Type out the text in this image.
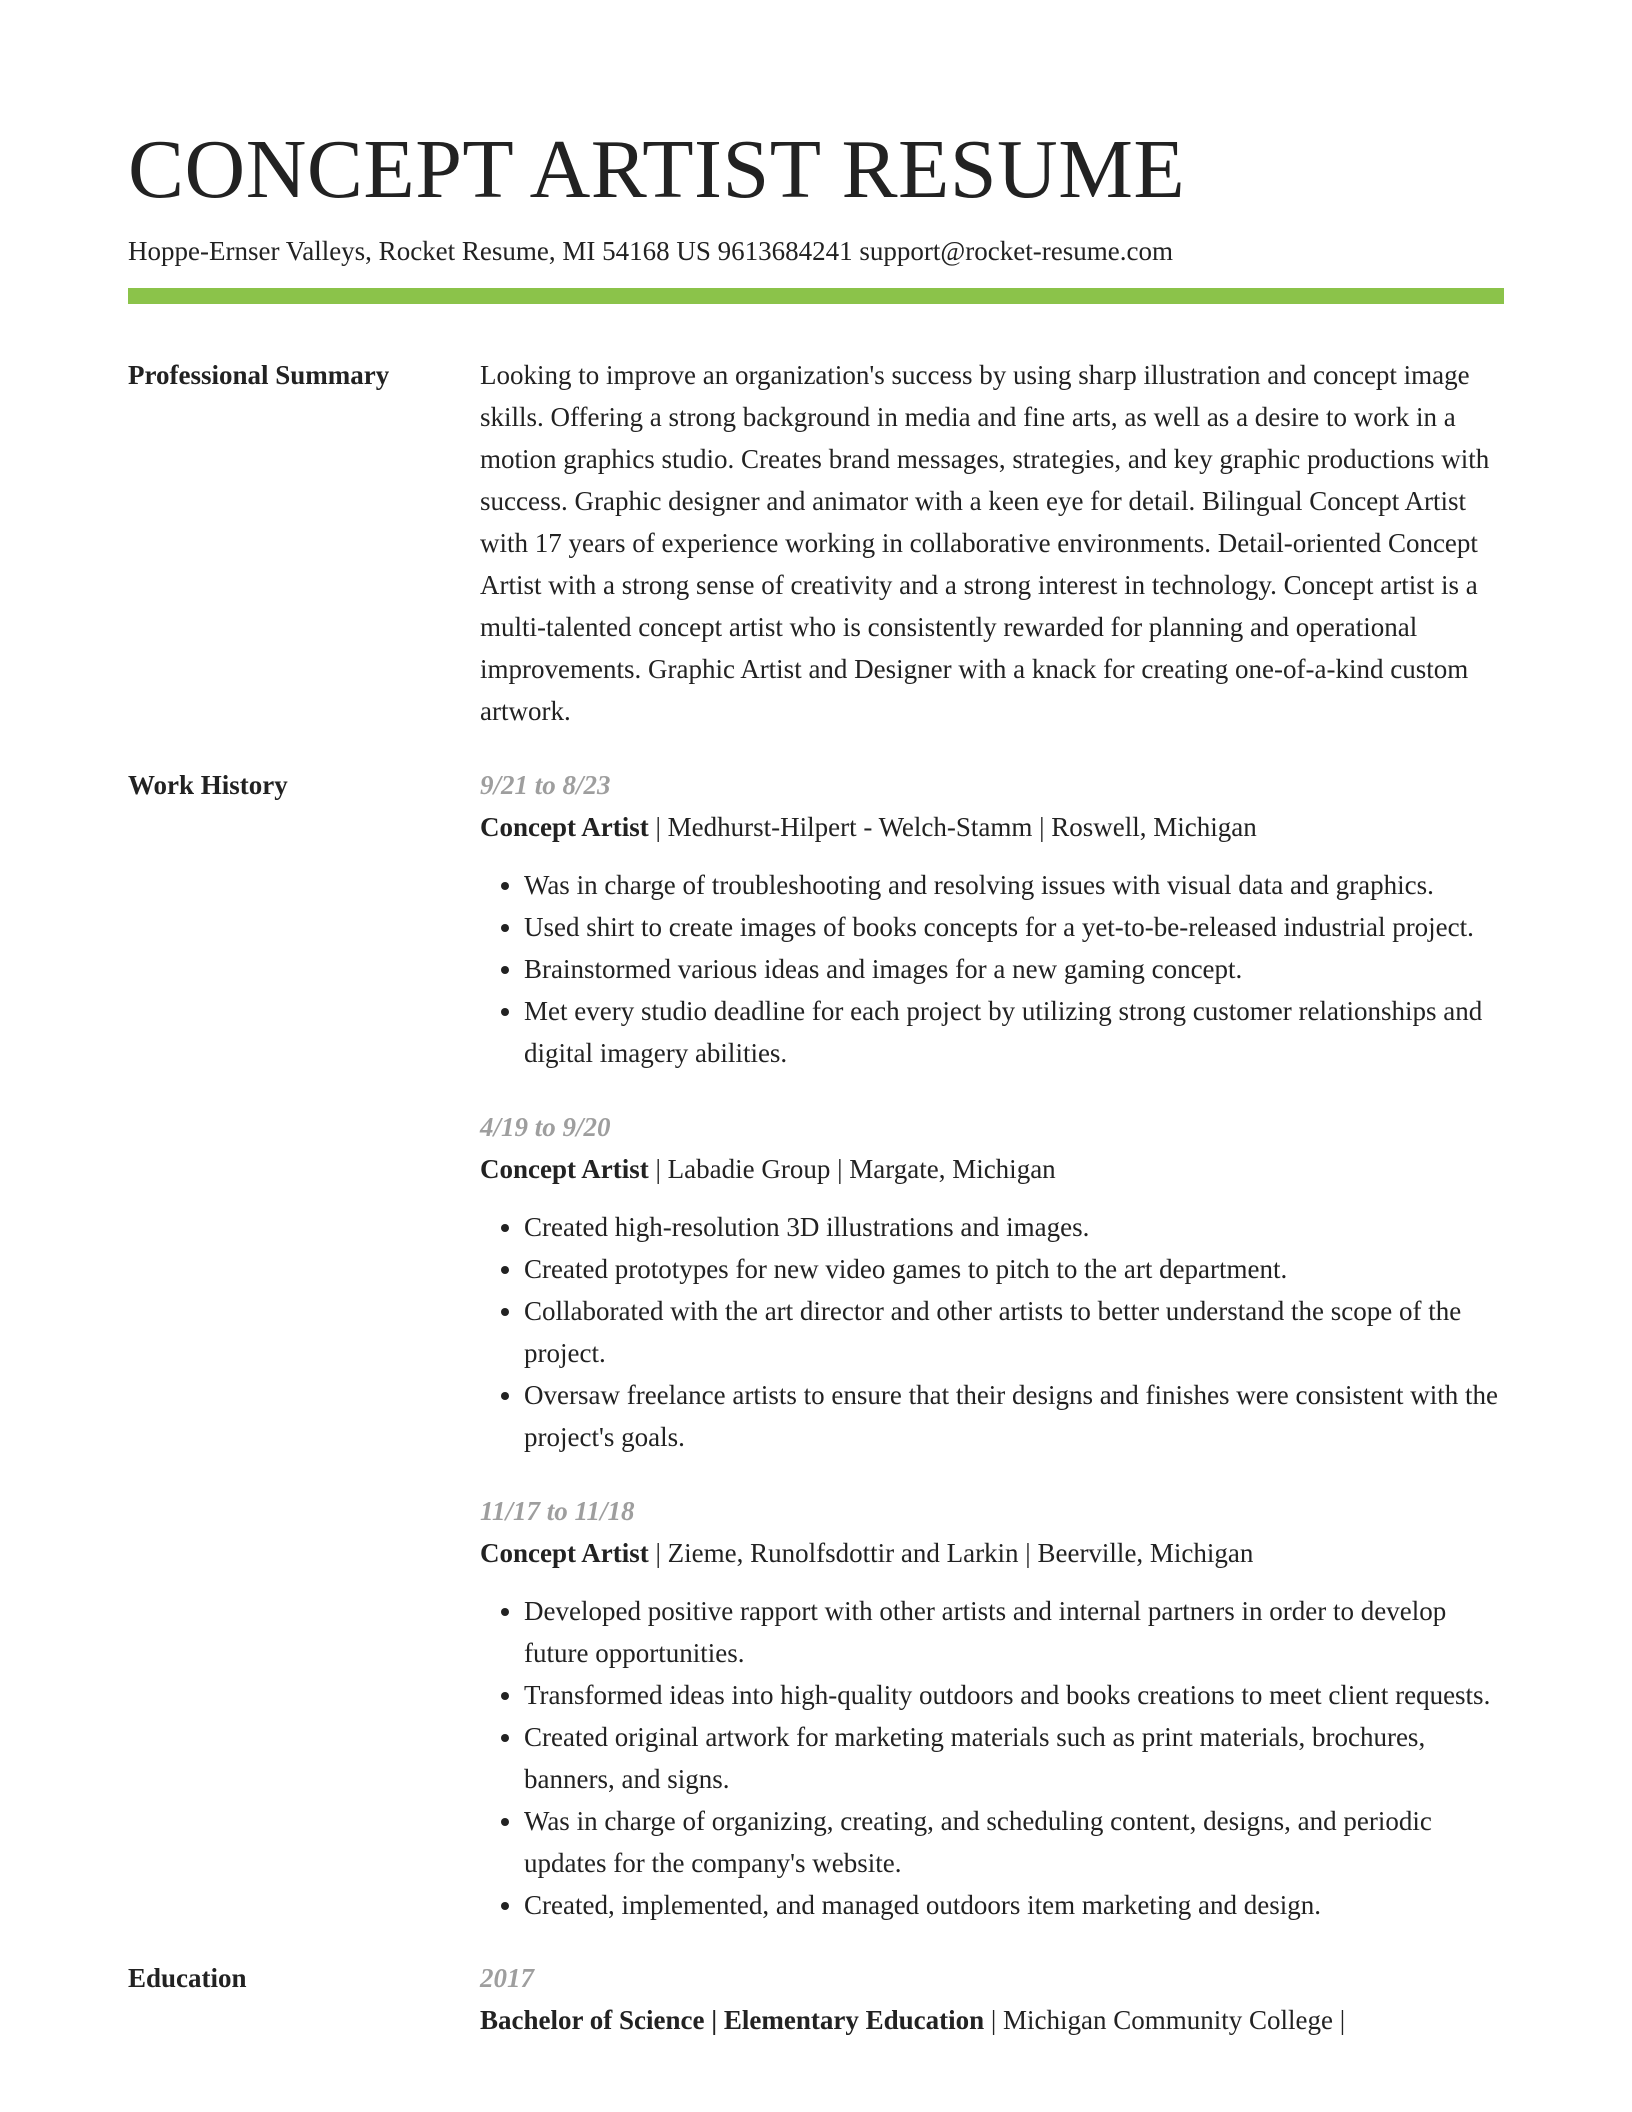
CONCEPT ARTIST RESUME
Hoppe-Ernser Valleys, Rocket Resume, MI 54168 US 9613684241 support@rocket-resume.com
Professional Summary	Looking to improve an organization's success by using sharp illustration and concept image skills. Offering a strong background in media and fine arts, as well as a desire to work in a motion graphics studio. Creates brand messages, strategies, and key graphic productions with success. Graphic designer and animator with a keen eye for detail. Bilingual Concept Artist with 17 years of experience working in collaborative environments. Detail-oriented Concept Artist with a strong sense of creativity and a strong interest in technology. Concept artist is a multi-talented concept artist who is consistently rewarded for planning and operational improvements. Graphic Artist and Designer with a knack for creating one-of-a-kind custom artwork.
Work History	9/21 to 8/23

Concept Artist | Medhurst-Hilpert - Welch-Stamm | Roswell, Michigan

• Was in charge of troubleshooting and resolving issues with visual data and graphics.
• Used shirt to create images of books concepts for a yet-to-be-released industrial project.
• Brainstormed various ideas and images for a new gaming concept.
• Met every studio deadline for each project by utilizing strong customer relationships and digital imagery abilities.

4/19 to 9/20

Concept Artist | Labadie Group | Margate, Michigan

• Created high-resolution 3D illustrations and images.
• Created prototypes for new video games to pitch to the art department.
• Collaborated with the art director and other artists to better understand the scope of the project.
• Oversaw freelance artists to ensure that their designs and finishes were consistent with the project's goals.

11/17 to 11/18

Concept Artist | Zieme, Runolfsdottir and Larkin | Beerville, Michigan

• Developed positive rapport with other artists and internal partners in order to develop future opportunities.
• Transformed ideas into high-quality outdoors and books creations to meet client requests.
• Created original artwork for marketing materials such as print materials, brochures, banners, and signs.
• Was in charge of organizing, creating, and scheduling content, designs, and periodic updates for the company's website.
• Created, implemented, and managed outdoors item marketing and design.
Education	2017

Bachelor of Science | Elementary Education | Michigan Community College |
